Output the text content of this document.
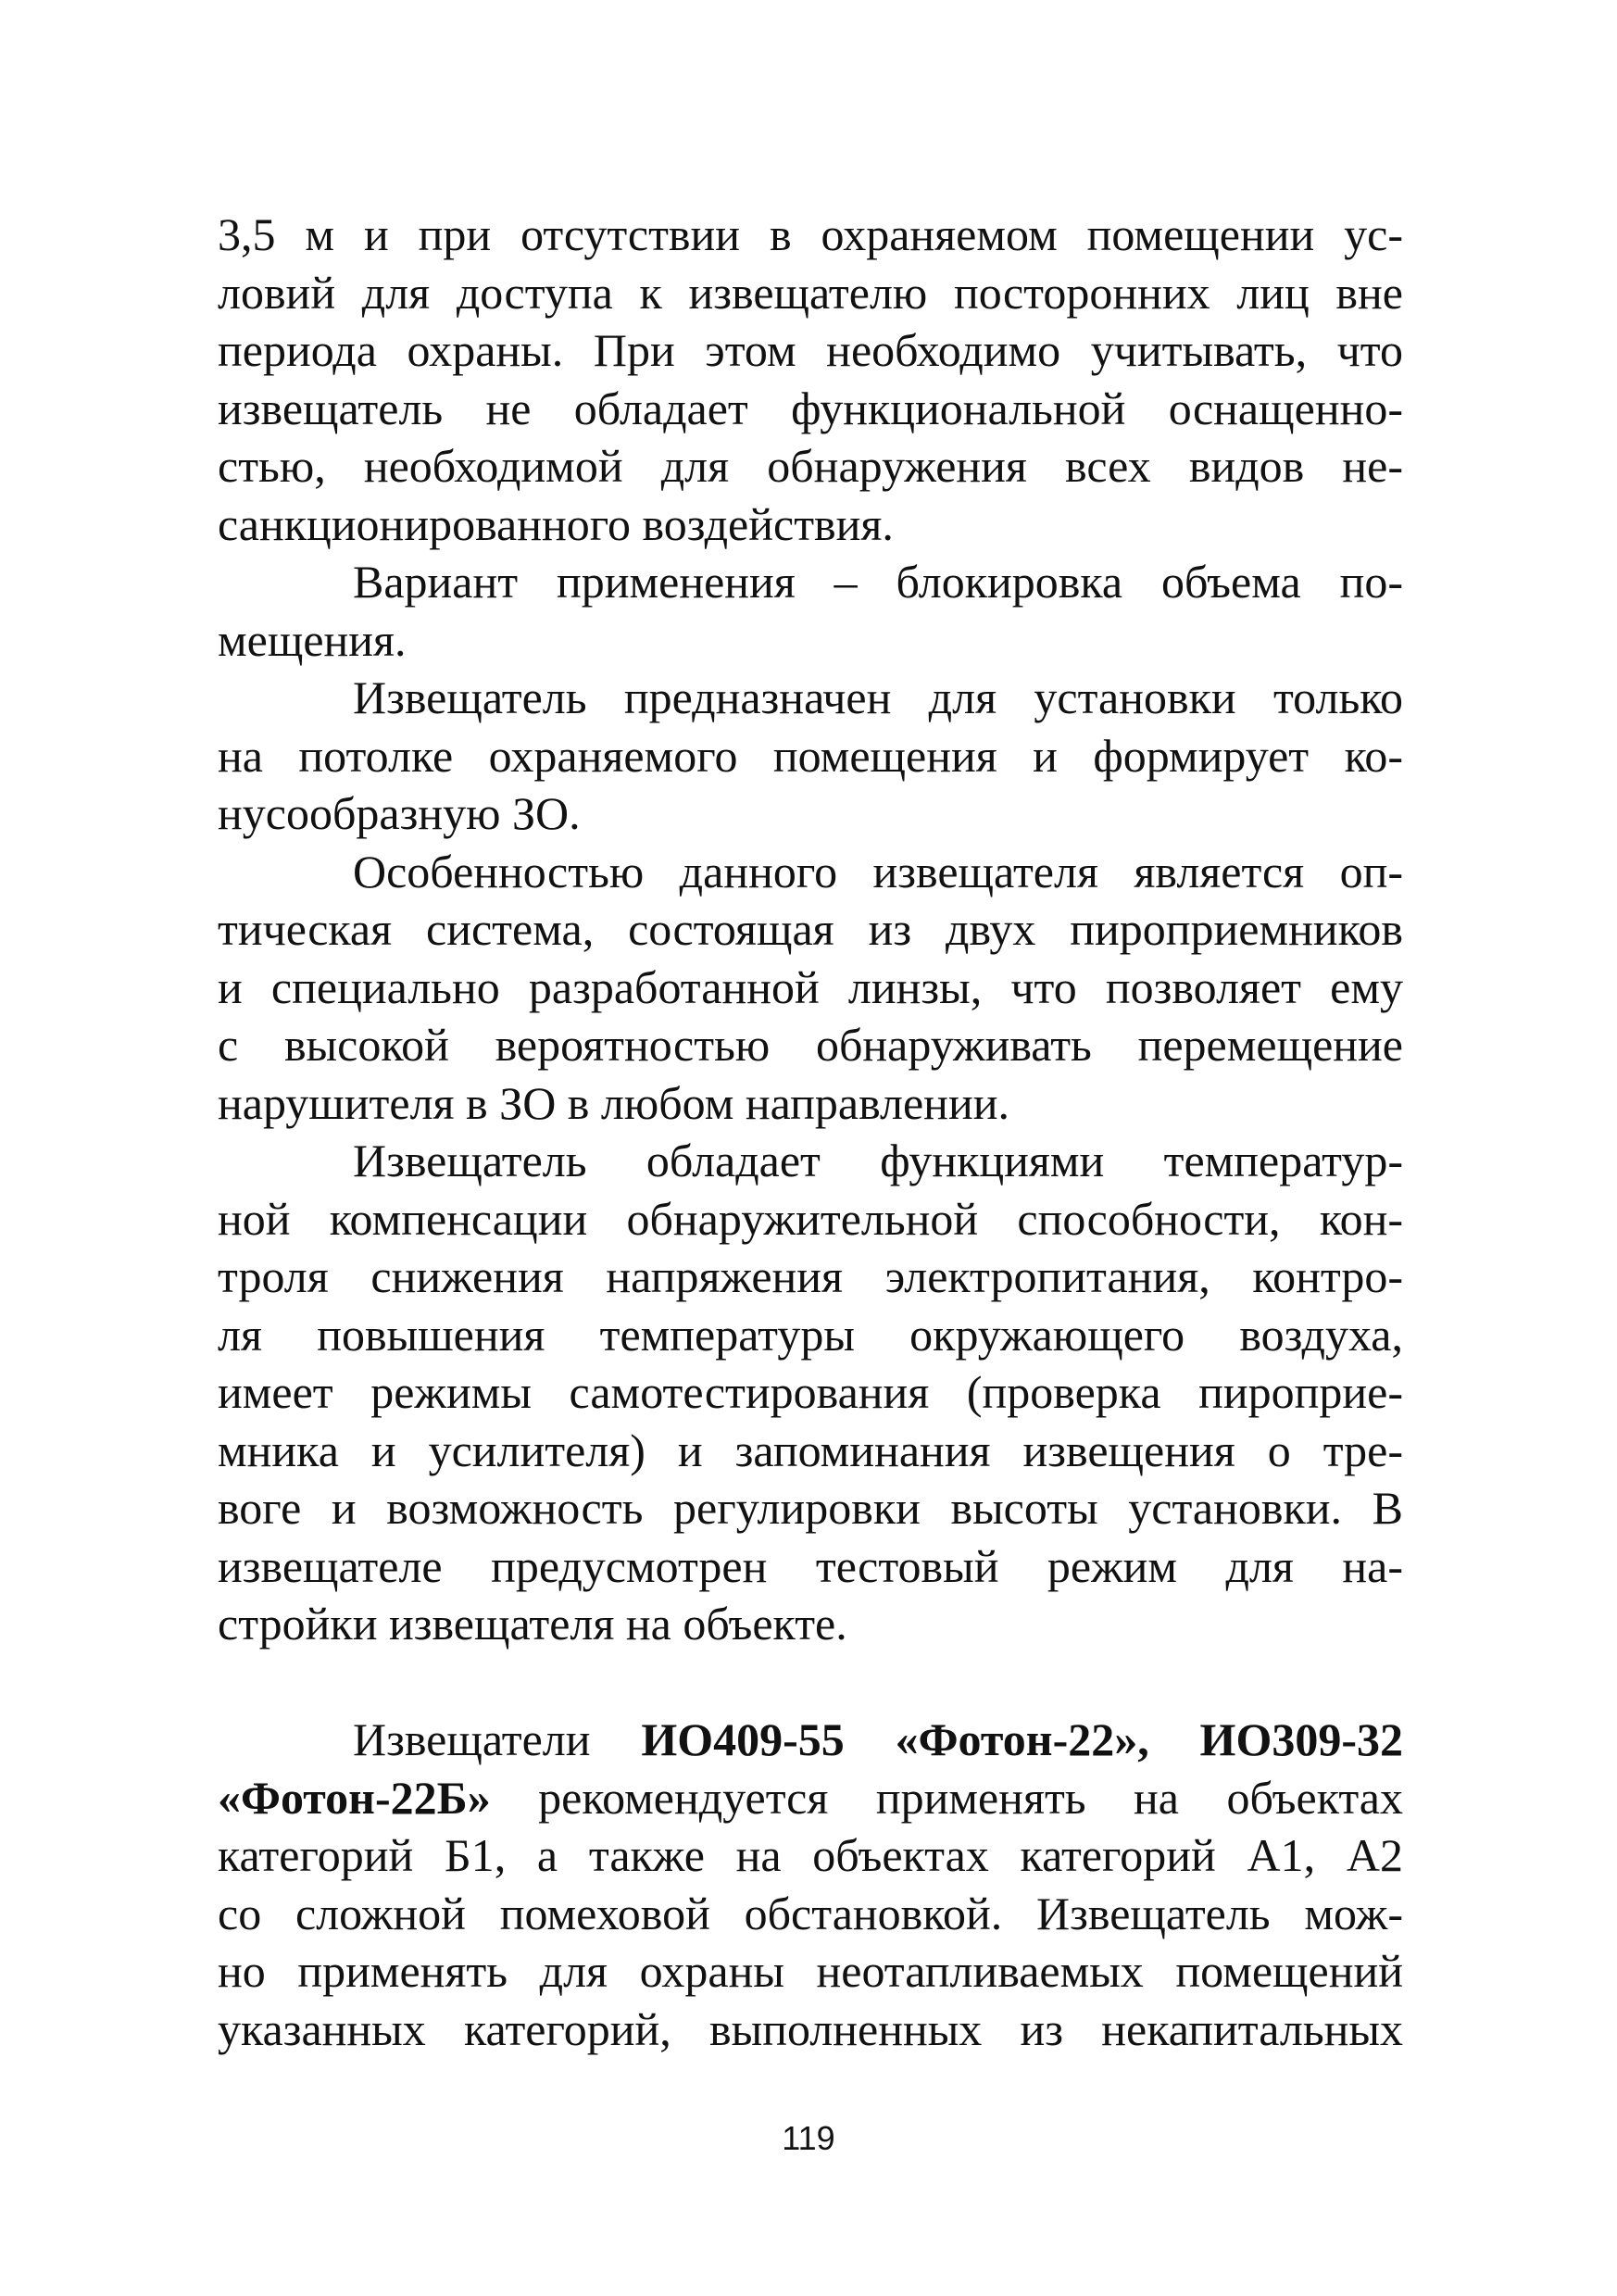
3,5 м и при отсутствии в охраняемом помещении ус-
ловий для доступа к извещателю посторонних лиц вне
периода охраны. При этом необходимо учитывать, что
извещатель не обладает функциональной оснащенно-
стью, необходимой для обнаружения всех видов не-
санкционированного воздействия.
Вариант применения – блокировка объема по-
мещения.
Извещатель предназначен для установки только
на потолке охраняемого помещения и формирует ко-
нусообразную ЗО.
Особенностью данного извещателя является оп-
тическая система, состоящая из двух пироприемников
и специально разработанной линзы, что позволяет ему
с высокой вероятностью обнаруживать перемещение
нарушителя в ЗО в любом направлении.
Извещатель обладает функциями температур-
ной компенсации обнаружительной способности, кон-
троля снижения напряжения электропитания, контро-
ля повышения температуры окружающего воздуха,
имеет режимы самотестирования (проверка пироприе-
мника и усилителя) и запоминания извещения о тре-
воге и возможность регулировки высоты установки. В
извещателе предусмотрен тестовый режим для на-
стройки извещателя на объекте.
Извещатели ИО409-55 «Фотон-22», ИО309-32
«Фотон-22Б» рекомендуется применять на объектах
категорий Б1, а также на объектах категорий А1, А2
со сложной помеховой обстановкой. Извещатель мож-
но применять для охраны неотапливаемых помещений
указанных категорий, выполненных из некапитальных
119
